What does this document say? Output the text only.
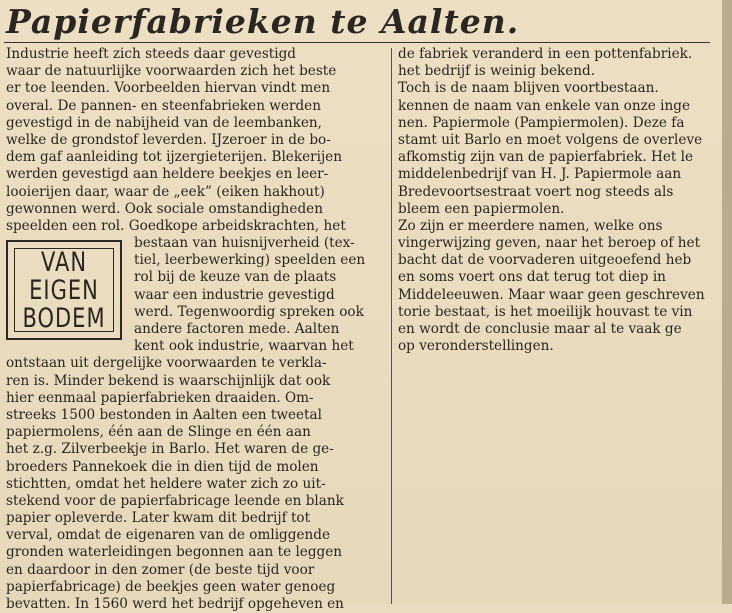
Papierfabrieken te Aalten.
Industrie heeft zich steeds daar gevestigd
waar de natuurlijke voorwaarden zich het beste
er toe leenden. Voorbeelden hiervan vindt men
overal. De pannen- en steenfabrieken werden
gevestigd in de nabijheid van de leembanken,
welke de grondstof leverden. IJzeroer in de bo-
dem gaf aanleiding tot ijzergieterijen. Blekerijen
werden gevestigd aan heldere beekjes en leer-
looierijen daar, waar de „eek” (eiken hakhout)
gewonnen werd. Ook sociale omstandigheden
speelden een rol. Goedkope arbeidskrachten, het
bestaan van huisnijverheid (tex-
tiel, leerbewerking) speelden een
rol bij de keuze van de plaats
waar een industrie gevestigd
werd. Tegenwoordig spreken ook
andere factoren mede. Aalten
kent ook industrie, waarvan het
ontstaan uit dergelijke voorwaarden te verkla-
ren is. Minder bekend is waarschijnlijk dat ook
hier eenmaal papierfabrieken draaiden. Om-
streeks 1500 bestonden in Aalten een tweetal
papiermolens, één aan de Slinge en één aan
het z.g. Zilverbeekje in Barlo. Het waren de ge-
broeders Pannekoek die in dien tijd de molen
stichtten, omdat het heldere water zich zo uit-
stekend voor de papierfabricage leende en blank
papier opleverde. Later kwam dit bedrijf tot
verval, omdat de eigenaren van de omliggende
gronden waterleidingen begonnen aan te leggen
en daardoor in den zomer (de beste tijd voor
papierfabricage) de beekjes geen water genoeg
bevatten. In 1560 werd het bedrijf opgeheven en
VAN
EIGEN
BODEM
de fabriek veranderd in een pottenfabriek.
het bedrijf is weinig bekend.
Toch is de naam blijven voortbestaan.
kennen de naam van enkele van onze inge
nen. Papiermole (Pampiermolen). Deze fa
stamt uit Barlo en moet volgens de overleve
afkomstig zijn van de papierfabriek. Het le
middelenbedrijf van H. J. Papiermole aan
Bredevoortsestraat voert nog steeds als
bleem een papiermolen.
Zo zijn er meerdere namen, welke ons
vingerwijzing geven, naar het beroep of het
bacht dat de voorvaderen uitgeoefend heb
en soms voert ons dat terug tot diep in
Middeleeuwen. Maar waar geen geschreven
torie bestaat, is het moeilijk houvast te vin
en wordt de conclusie maar al te vaak ge
op veronderstellingen.
